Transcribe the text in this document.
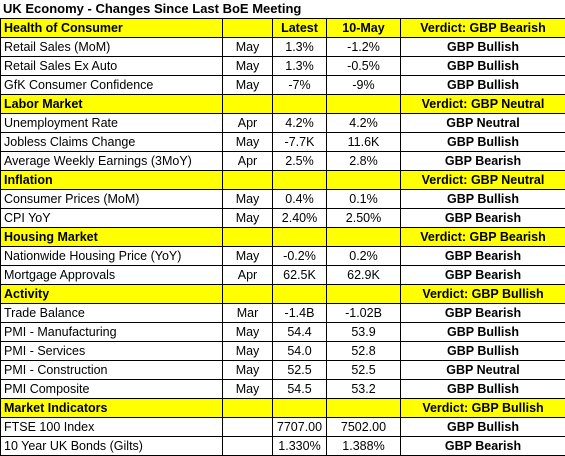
UK Economy - Changes Since Last BoE Meeting
Health of Consumer		Latest	10-May	Verdict: GBP Bearish
Retail Sales (MoM)	May	1.3%	-1.2%	GBP Bullish
Retail Sales Ex Auto	May	1.3%	-0.5%	GBP Bullish
GfK Consumer Confidence	May	-7%	-9%	GBP Bullish
Labor Market				Verdict: GBP Neutral
Unemployment Rate	Apr	4.2%	4.2%	GBP Neutral
Jobless Claims Change	May	-7.7K	11.6K	GBP Bullish
Average Weekly Earnings (3MoY)	Apr	2.5%	2.8%	GBP Bearish
Inflation				Verdict: GBP Neutral
Consumer Prices (MoM)	May	0.4%	0.1%	GBP Bullish
CPI YoY	May	2.40%	2.50%	GBP Bearish
Housing Market				Verdict: GBP Bearish
Nationwide Housing Price (YoY)	May	-0.2%	0.2%	GBP Bearish
Mortgage Approvals	Apr	62.5K	62.9K	GBP Bearish
Activity				Verdict: GBP Bullish
Trade Balance	Mar	-1.4B	-1.02B	GBP Bearish
PMI - Manufacturing	May	54.4	53.9	GBP Bullish
PMI - Services	May	54.0	52.8	GBP Bullish
PMI - Construction	May	52.5	52.5	GBP Neutral
PMI Composite	May	54.5	53.2	GBP Bullish
Market Indicators				Verdict: GBP Bullish
FTSE 100 Index		7707.00	7502.00	GBP Bullish
10 Year UK Bonds (Gilts)		1.330%	1.388%	GBP Bearish
